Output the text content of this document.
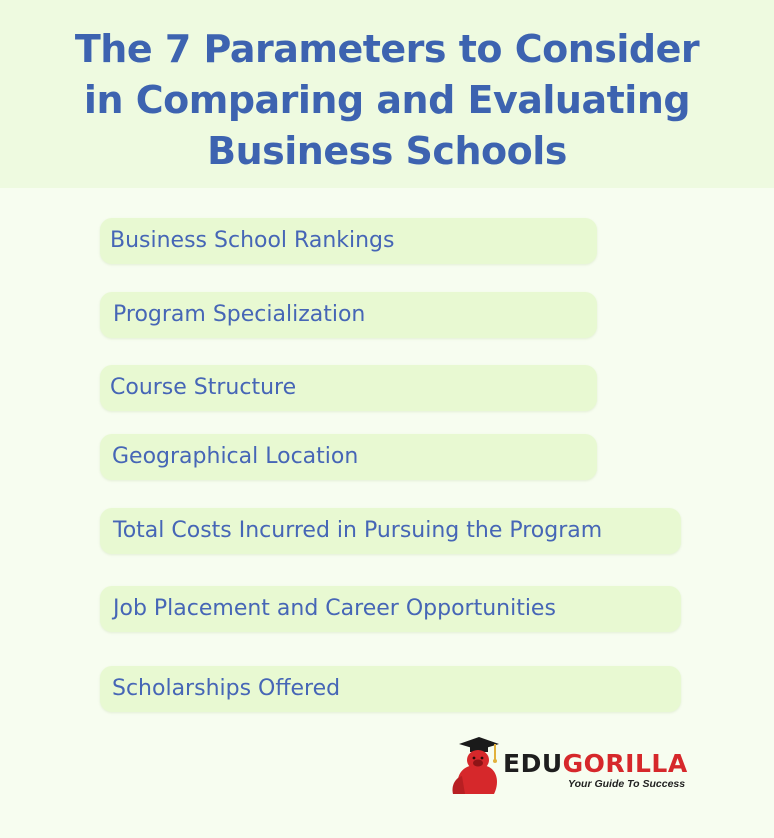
The 7 Parameters to Consider
in Comparing and Evaluating
Business Schools
Business School Rankings
Program Specialization
Course Structure
Geographical Location
Total Costs Incurred in Pursuing the Program
Job Placement and Career Opportunities
Scholarships Offered
EDUGORILLA
Your Guide To Success
